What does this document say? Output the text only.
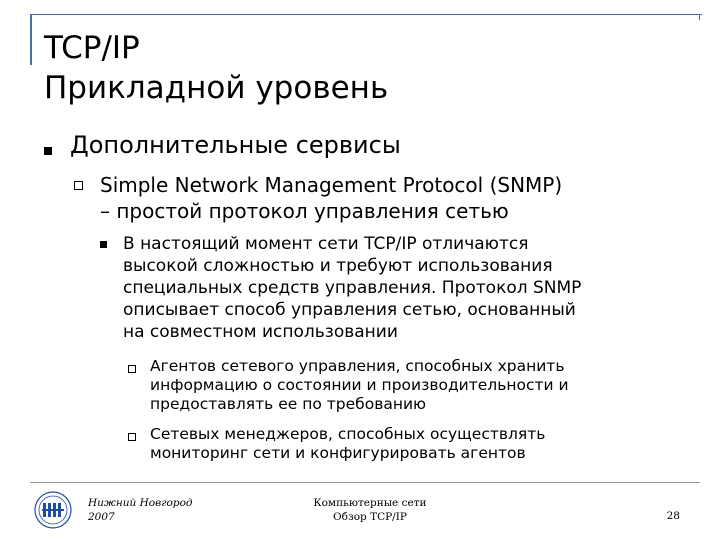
TCP/IP
Прикладной уровень
Дополнительные сервисы
Simple Network Management Protocol (SNMP)
– простой протокол управления сетью
В настоящий момент сети TCP/IP отличаются
высокой сложностью и требуют использования
специальных средств управления. Протокол SNMP
описывает способ управления сетью, основанный
на совместном использовании
Агентов сетевого управления, способных хранить
информацию о состоянии и производительности и
предоставлять ее по требованию
Сетевых менеджеров, способных осуществлять
мониторинг сети и конфигурировать агентов
Нижний Новгород
2007
Компьютерные сети
Обзор TCP/IP	28
